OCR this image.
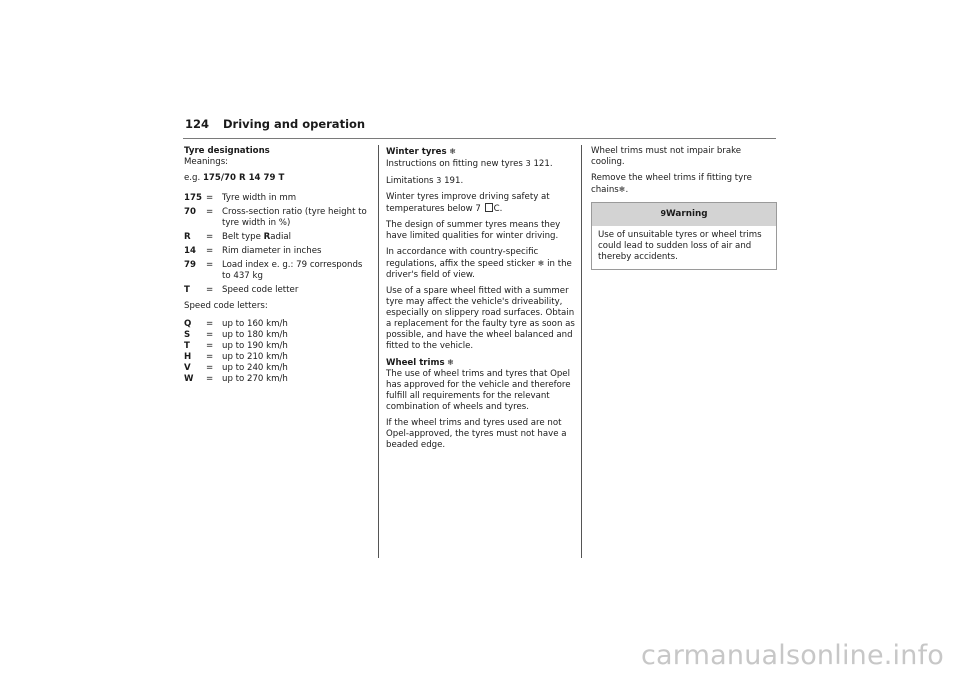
124 Driving and operation
Tyre designations

Meanings:

e.g. 175/70 R 14 79 T

175 =	Tyre width in mm
70	=	Cross-section ratio (tyre height to tyre width in %)
R	=	Belt type Radial
14	=	Rim diameter in inches
79	=	Load index e. g.: 79 corresponds to 437 kg
T	=	Speed code letter

Speed code letters:

Q	=	up to 160 km/h
S	=	up to 180 km/h
T	=	up to 190 km/h
H	=	up to 210 km/h
V	=	up to 240 km/h
W	=	up to 270 km/h
Winter tyres ❄

Instructions on fitting new tyres 3 121.

Limitations 3 191.

Winter tyres improve driving safety at temperatures below 7 C.

The design of summer tyres means they have limited qualities for winter driving.

In accordance with country-specific regulations, affix the speed sticker ❄ in the driver's field of view.

Use of a spare wheel fitted with a summer tyre may affect the vehicle's driveability, especially on slippery road surfaces. Obtain a replacement for the faulty tyre as soon as possible, and have the wheel balanced and fitted to the vehicle.

Wheel trims ❄

The use of wheel trims and tyres that Opel has approved for the vehicle and therefore fulfill all requirements for the relevant combination of wheels and tyres.

If the wheel trims and tyres used are not Opel-approved, the tyres must not have a beaded edge.

Wheel trims must not impair brake cooling.

Remove the wheel trims if fitting tyre chains❄.

9Warning
Use of unsuitable tyres or wheel trims could lead to sudden loss of air and thereby accidents.
carmanualsonline.info
